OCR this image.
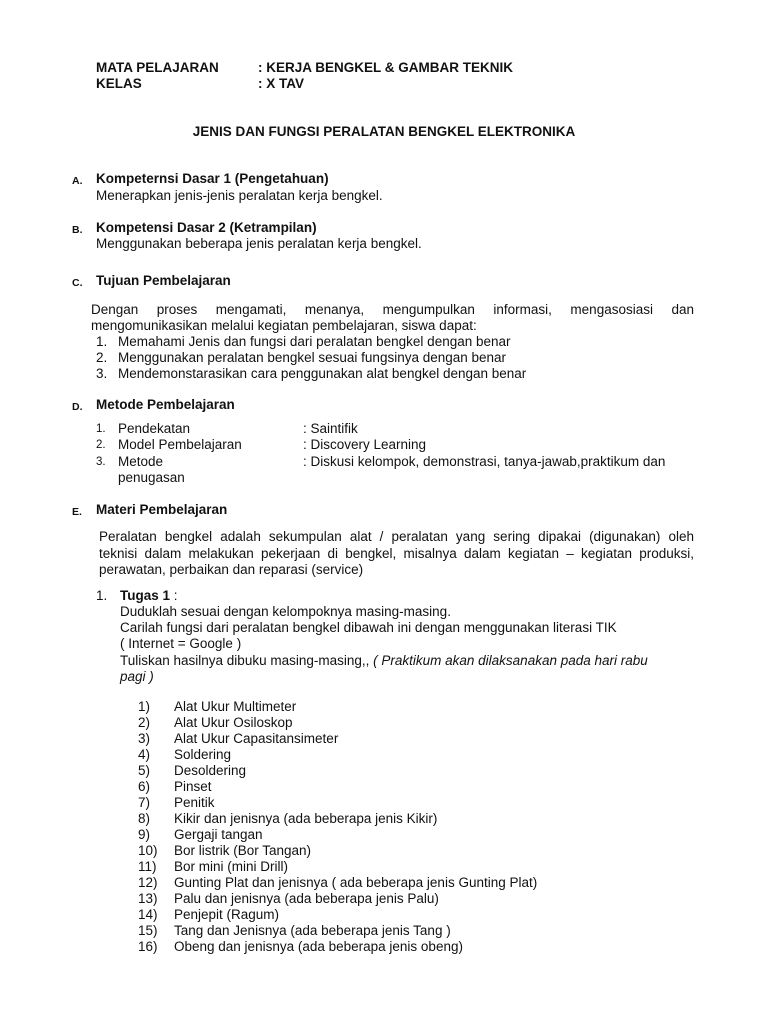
MATA PELAJARAN	: KERJA BENGKEL & GAMBAR TEKNIK
KELAS	: X TAV
JENIS DAN FUNGSI PERALATAN BENGKEL ELEKTRONIKA
A. Kompeternsi Dasar 1 (Pengetahuan)
Menerapkan jenis-jenis peralatan kerja bengkel.
B. Kompetensi Dasar 2 (Ketrampilan)
Menggunakan beberapa jenis peralatan kerja bengkel.
C. Tujuan Pembelajaran
Dengan proses mengamati, menanya, mengumpulkan informasi, mengasosiasi dan
mengomunikasikan melalui kegiatan pembelajaran, siswa dapat:
1. Memahami Jenis dan fungsi dari peralatan bengkel dengan benar
2. Menggunakan peralatan bengkel sesuai fungsinya dengan benar
3. Mendemonstarasikan cara penggunakan alat bengkel dengan benar
D. Metode Pembelajaran
1. Pendekatan	: Saintifik
2. Model Pembelajaran	: Discovery Learning
3. Metode	: Diskusi kelompok, demonstrasi, tanya-jawab,praktikum dan
penugasan
E. Materi Pembelajaran
Peralatan bengkel adalah sekumpulan alat / peralatan yang sering dipakai (digunakan) oleh
teknisi dalam melakukan pekerjaan di bengkel, misalnya dalam kegiatan – kegiatan produksi,
perawatan, perbaikan dan reparasi (service)
1. Tugas 1 :
Duduklah sesuai dengan kelompoknya masing-masing.
Carilah fungsi dari peralatan bengkel dibawah ini dengan menggunakan literasi TIK
( Internet = Google )
Tuliskan hasilnya dibuku masing-masing,, ( Praktikum akan dilaksanakan pada hari rabu
pagi )
1) Alat Ukur Multimeter
2) Alat Ukur Osiloskop
3) Alat Ukur Capasitansimeter
4) Soldering
5) Desoldering
6) Pinset
7) Penitik
8) Kikir dan jenisnya (ada beberapa jenis Kikir)
9) Gergaji tangan
10) Bor listrik (Bor Tangan)
11) Bor mini (mini Drill)
12) Gunting Plat dan jenisnya ( ada beberapa jenis Gunting Plat)
13) Palu dan jenisnya (ada beberapa jenis Palu)
14) Penjepit (Ragum)
15) Tang dan Jenisnya (ada beberapa jenis Tang )
16) Obeng dan jenisnya (ada beberapa jenis obeng)
